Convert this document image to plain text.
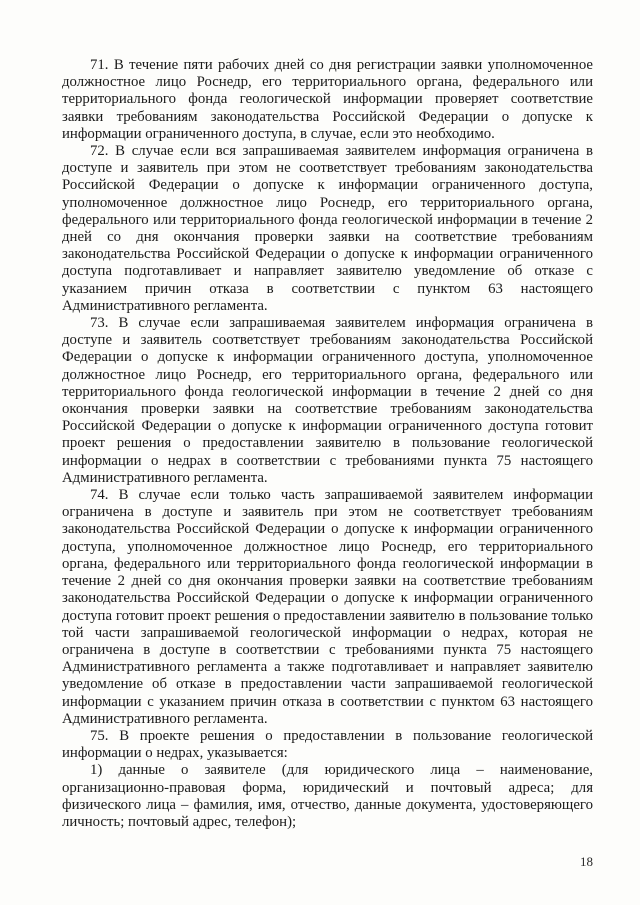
71. В течение пяти рабочих дней со дня регистрации заявки уполномоченное должностное лицо Роснедр, его территориального органа, федерального или территориального фонда геологической информации проверяет соответствие заявки требованиям законодательства Российской Федерации о допуске к информации ограниченного доступа, в случае, если это необходимо.

72. В случае если вся запрашиваемая заявителем информация ограничена в доступе и заявитель при этом не соответствует требованиям законодательства Российской Федерации о допуске к информации ограниченного доступа, уполномоченное должностное лицо Роснедр, его территориального органа, федерального или территориального фонда геологической информации в течение 2 дней со дня окончания проверки заявки на соответствие требованиям законодательства Российской Федерации о допуске к информации ограниченного доступа подготавливает и направляет заявителю уведомление об отказе с указанием причин отказа в соответствии с пунктом 63 настоящего Административного регламента.

73. В случае если запрашиваемая заявителем информация ограничена в доступе и заявитель соответствует требованиям законодательства Российской Федерации о допуске к информации ограниченного доступа, уполномоченное должностное лицо Роснедр, его территориального органа, федерального или территориального фонда геологической информации в течение 2 дней со дня окончания проверки заявки на соответствие требованиям законодательства Российской Федерации о допуске к информации ограниченного доступа готовит проект решения о предоставлении заявителю в пользование геологической информации о недрах в соответствии с требованиями пункта 75 настоящего Административного регламента.

74. В случае если только часть запрашиваемой заявителем информации ограничена в доступе и заявитель при этом не соответствует требованиям законодательства Российской Федерации о допуске к информации ограниченного доступа, уполномоченное должностное лицо Роснедр, его территориального органа, федерального или территориального фонда геологической информации в течение 2 дней со дня окончания проверки заявки на соответствие требованиям законодательства Российской Федерации о допуске к информации ограниченного доступа готовит проект решения о предоставлении заявителю в пользование только той части запрашиваемой геологической информации о недрах, которая не ограничена в доступе в соответствии с требованиями пункта 75 настоящего Административного регламента а также подготавливает и направляет заявителю уведомление об отказе в предоставлении части запрашиваемой геологической информации с указанием причин отказа в соответствии с пунктом 63 настоящего Административного регламента.

75. В проекте решения о предоставлении в пользование геологической информации о недрах, указывается:

1) данные о заявителе (для юридического лица – наименование, организационно-правовая форма, юридический и почтовый адреса; для физического лица – фамилия, имя, отчество, данные документа, удостоверяющего личность; почтовый адрес, телефон);

18
